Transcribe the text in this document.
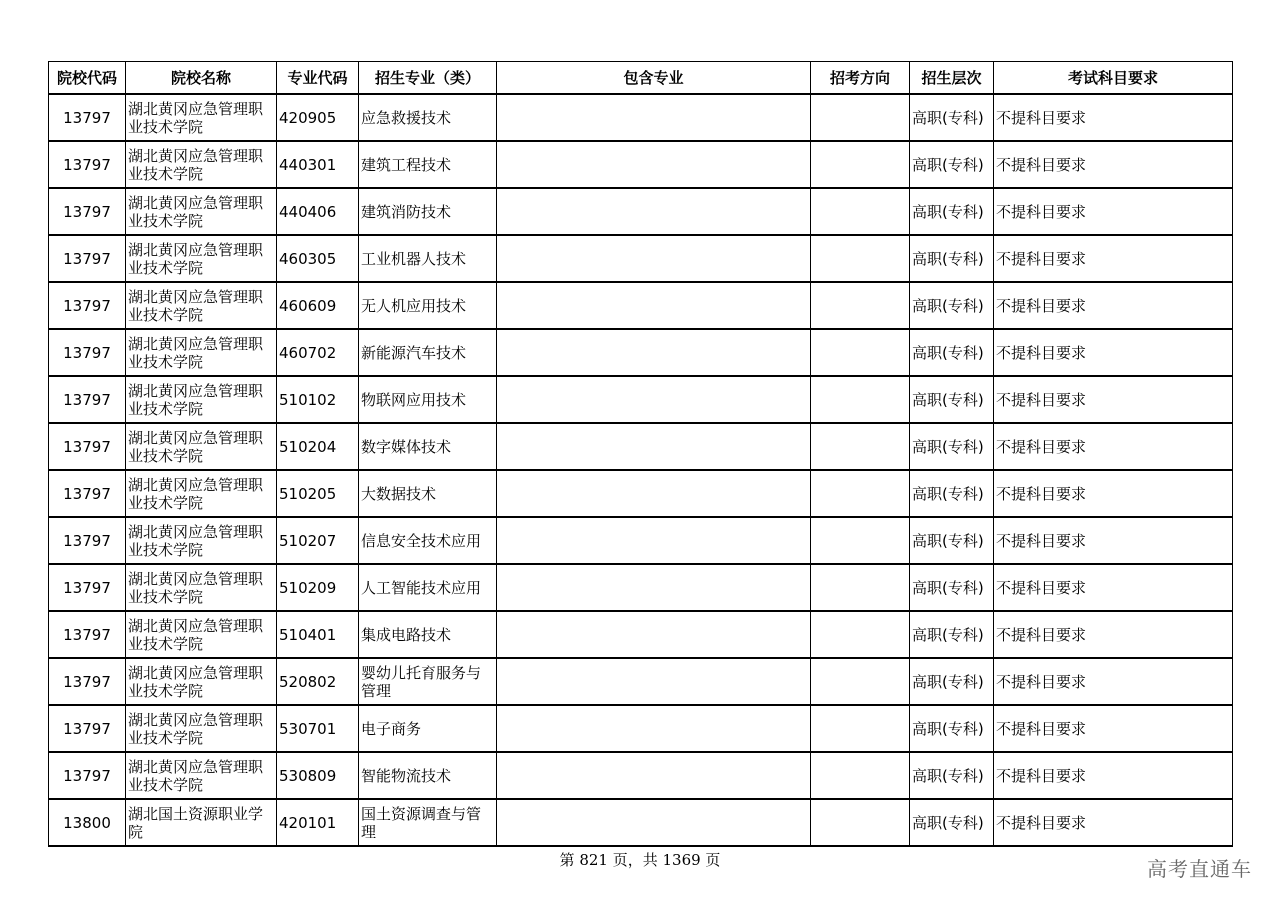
院校代码	院校名称	专业代码	招生专业（类）	包含专业	招考方向	招生层次	考试科目要求
13797	湖北黄冈应急管理职业技术学院	420905	应急救援技术			高职(专科)	不提科目要求
13797	湖北黄冈应急管理职业技术学院	440301	建筑工程技术			高职(专科)	不提科目要求
13797	湖北黄冈应急管理职业技术学院	440406	建筑消防技术			高职(专科)	不提科目要求
13797	湖北黄冈应急管理职业技术学院	460305	工业机器人技术			高职(专科)	不提科目要求
13797	湖北黄冈应急管理职业技术学院	460609	无人机应用技术			高职(专科)	不提科目要求
13797	湖北黄冈应急管理职业技术学院	460702	新能源汽车技术			高职(专科)	不提科目要求
13797	湖北黄冈应急管理职业技术学院	510102	物联网应用技术			高职(专科)	不提科目要求
13797	湖北黄冈应急管理职业技术学院	510204	数字媒体技术			高职(专科)	不提科目要求
13797	湖北黄冈应急管理职业技术学院	510205	大数据技术			高职(专科)	不提科目要求
13797	湖北黄冈应急管理职业技术学院	510207	信息安全技术应用			高职(专科)	不提科目要求
13797	湖北黄冈应急管理职业技术学院	510209	人工智能技术应用			高职(专科)	不提科目要求
13797	湖北黄冈应急管理职业技术学院	510401	集成电路技术			高职(专科)	不提科目要求
13797	湖北黄冈应急管理职业技术学院	520802	婴幼儿托育服务与管理			高职(专科)	不提科目要求
13797	湖北黄冈应急管理职业技术学院	530701	电子商务			高职(专科)	不提科目要求
13797	湖北黄冈应急管理职业技术学院	530809	智能物流技术			高职(专科)	不提科目要求
13800	湖北国土资源职业学院	420101	国土资源调查与管理			高职(专科)	不提科目要求
第 821 页，共 1369 页	高考直通车
